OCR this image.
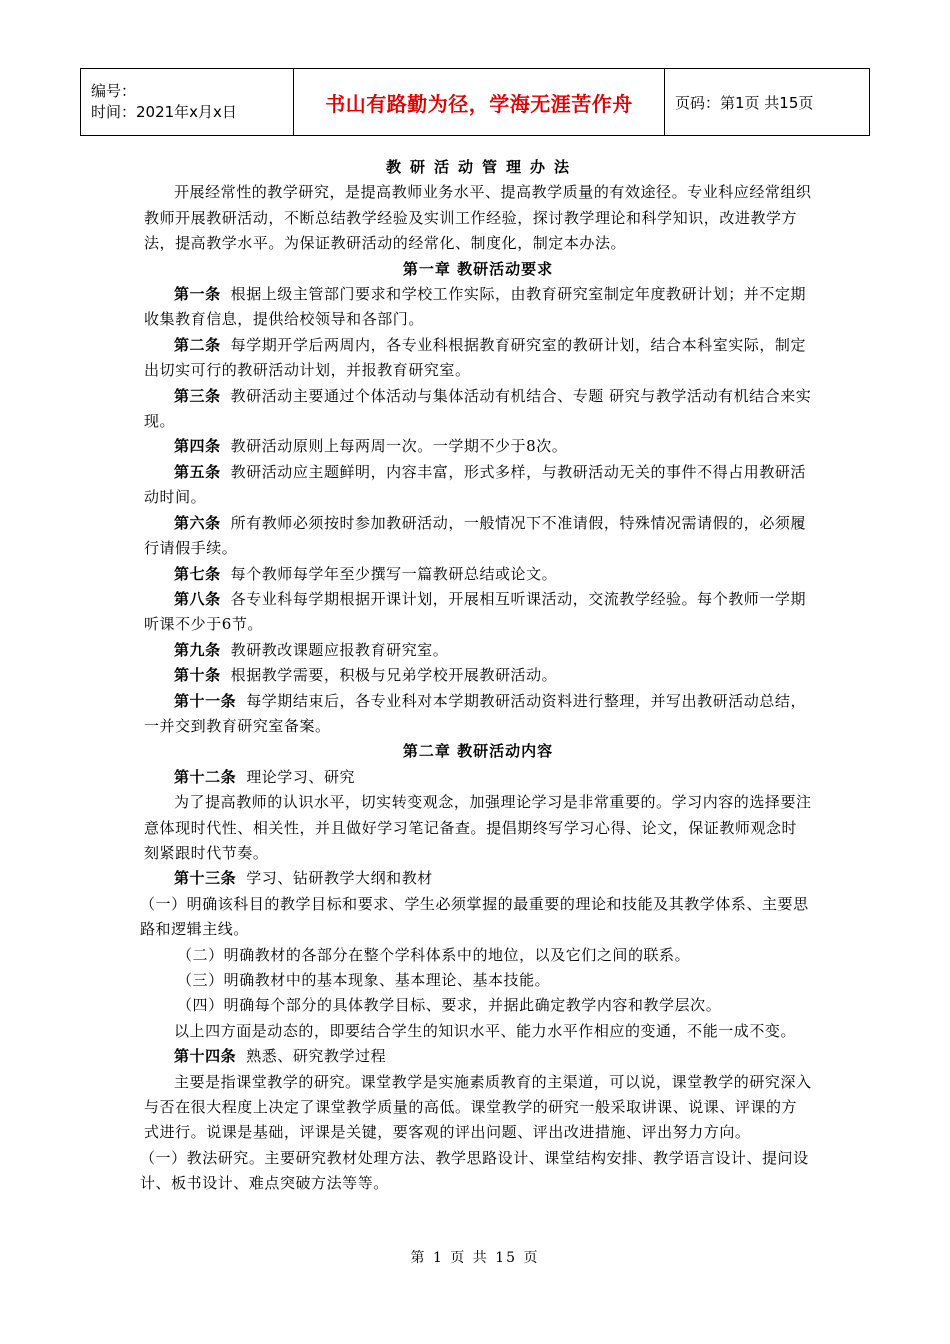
编号：
时间：2021年x月x日	书山有路勤为径，学海无涯苦作舟	页码：第1页 共15页

教研活动管理办法

开展经常性的教学研究，是提高教师业务水平、提高教学质量的有效途径。专业科应经常组织教师开展教研活动，不断总结教学经验及实训工作经验，探讨教学理论和科学知识，改进教学方法，提高教学水平。为保证教研活动的经常化、制度化，制定本办法。

第一章 教研活动要求

第一条 根据上级主管部门要求和学校工作实际，由教育研究室制定年度教研计划；并不定期收集教育信息，提供给校领导和各部门。

第二条 每学期开学后两周内，各专业科根据教育研究室的教研计划，结合本科室实际，制定出切实可行的教研活动计划，并报教育研究室。

第三条 教研活动主要通过个体活动与集体活动有机结合、专题 研究与教学活动有机结合来实现。

第四条 教研活动原则上每两周一次。一学期不少于8次。

第五条 教研活动应主题鲜明，内容丰富，形式多样，与教研活动无关的事件不得占用教研活动时间。

第六条 所有教师必须按时参加教研活动，一般情况下不准请假，特殊情况需请假的，必须履行请假手续。

第七条 每个教师每学年至少撰写一篇教研总结或论文。

第八条 各专业科每学期根据开课计划，开展相互听课活动，交流教学经验。每个教师一学期听课不少于6节。

第九条 教研教改课题应报教育研究室。

第十条 根据教学需要，积极与兄弟学校开展教研活动。

第十一条 每学期结束后，各专业科对本学期教研活动资料进行整理，并写出教研活动总结，一并交到教育研究室备案。

第二章 教研活动内容

第十二条 理论学习、研究

为了提高教师的认识水平，切实转变观念，加强理论学习是非常重要的。学习内容的选择要注意体现时代性、相关性，并且做好学习笔记备查。提倡期终写学习心得、论文，保证教师观念时刻紧跟时代节奏。

第十三条 学习、钻研教学大纲和教材

（一）明确该科目的教学目标和要求、学生必须掌握的最重要的理论和技能及其教学体系、主要思路和逻辑主线。

（二）明确教材的各部分在整个学科体系中的地位，以及它们之间的联系。

（三）明确教材中的基本现象、基本理论、基本技能。

（四）明确每个部分的具体教学目标、要求，并据此确定教学内容和教学层次。

以上四方面是动态的，即要结合学生的知识水平、能力水平作相应的变通，不能一成不变。

第十四条 熟悉、研究教学过程

主要是指课堂教学的研究。课堂教学是实施素质教育的主渠道，可以说，课堂教学的研究深入与否在很大程度上决定了课堂教学质量的高低。课堂教学的研究一般采取讲课、说课、评课的方式进行。说课是基础，评课是关键，要客观的评出问题、评出改进措施、评出努力方向。

（一）教法研究。主要研究教材处理方法、教学思路设计、课堂结构安排、教学语言设计、提问设计、板书设计、难点突破方法等等。

第 1 页 共 15 页
